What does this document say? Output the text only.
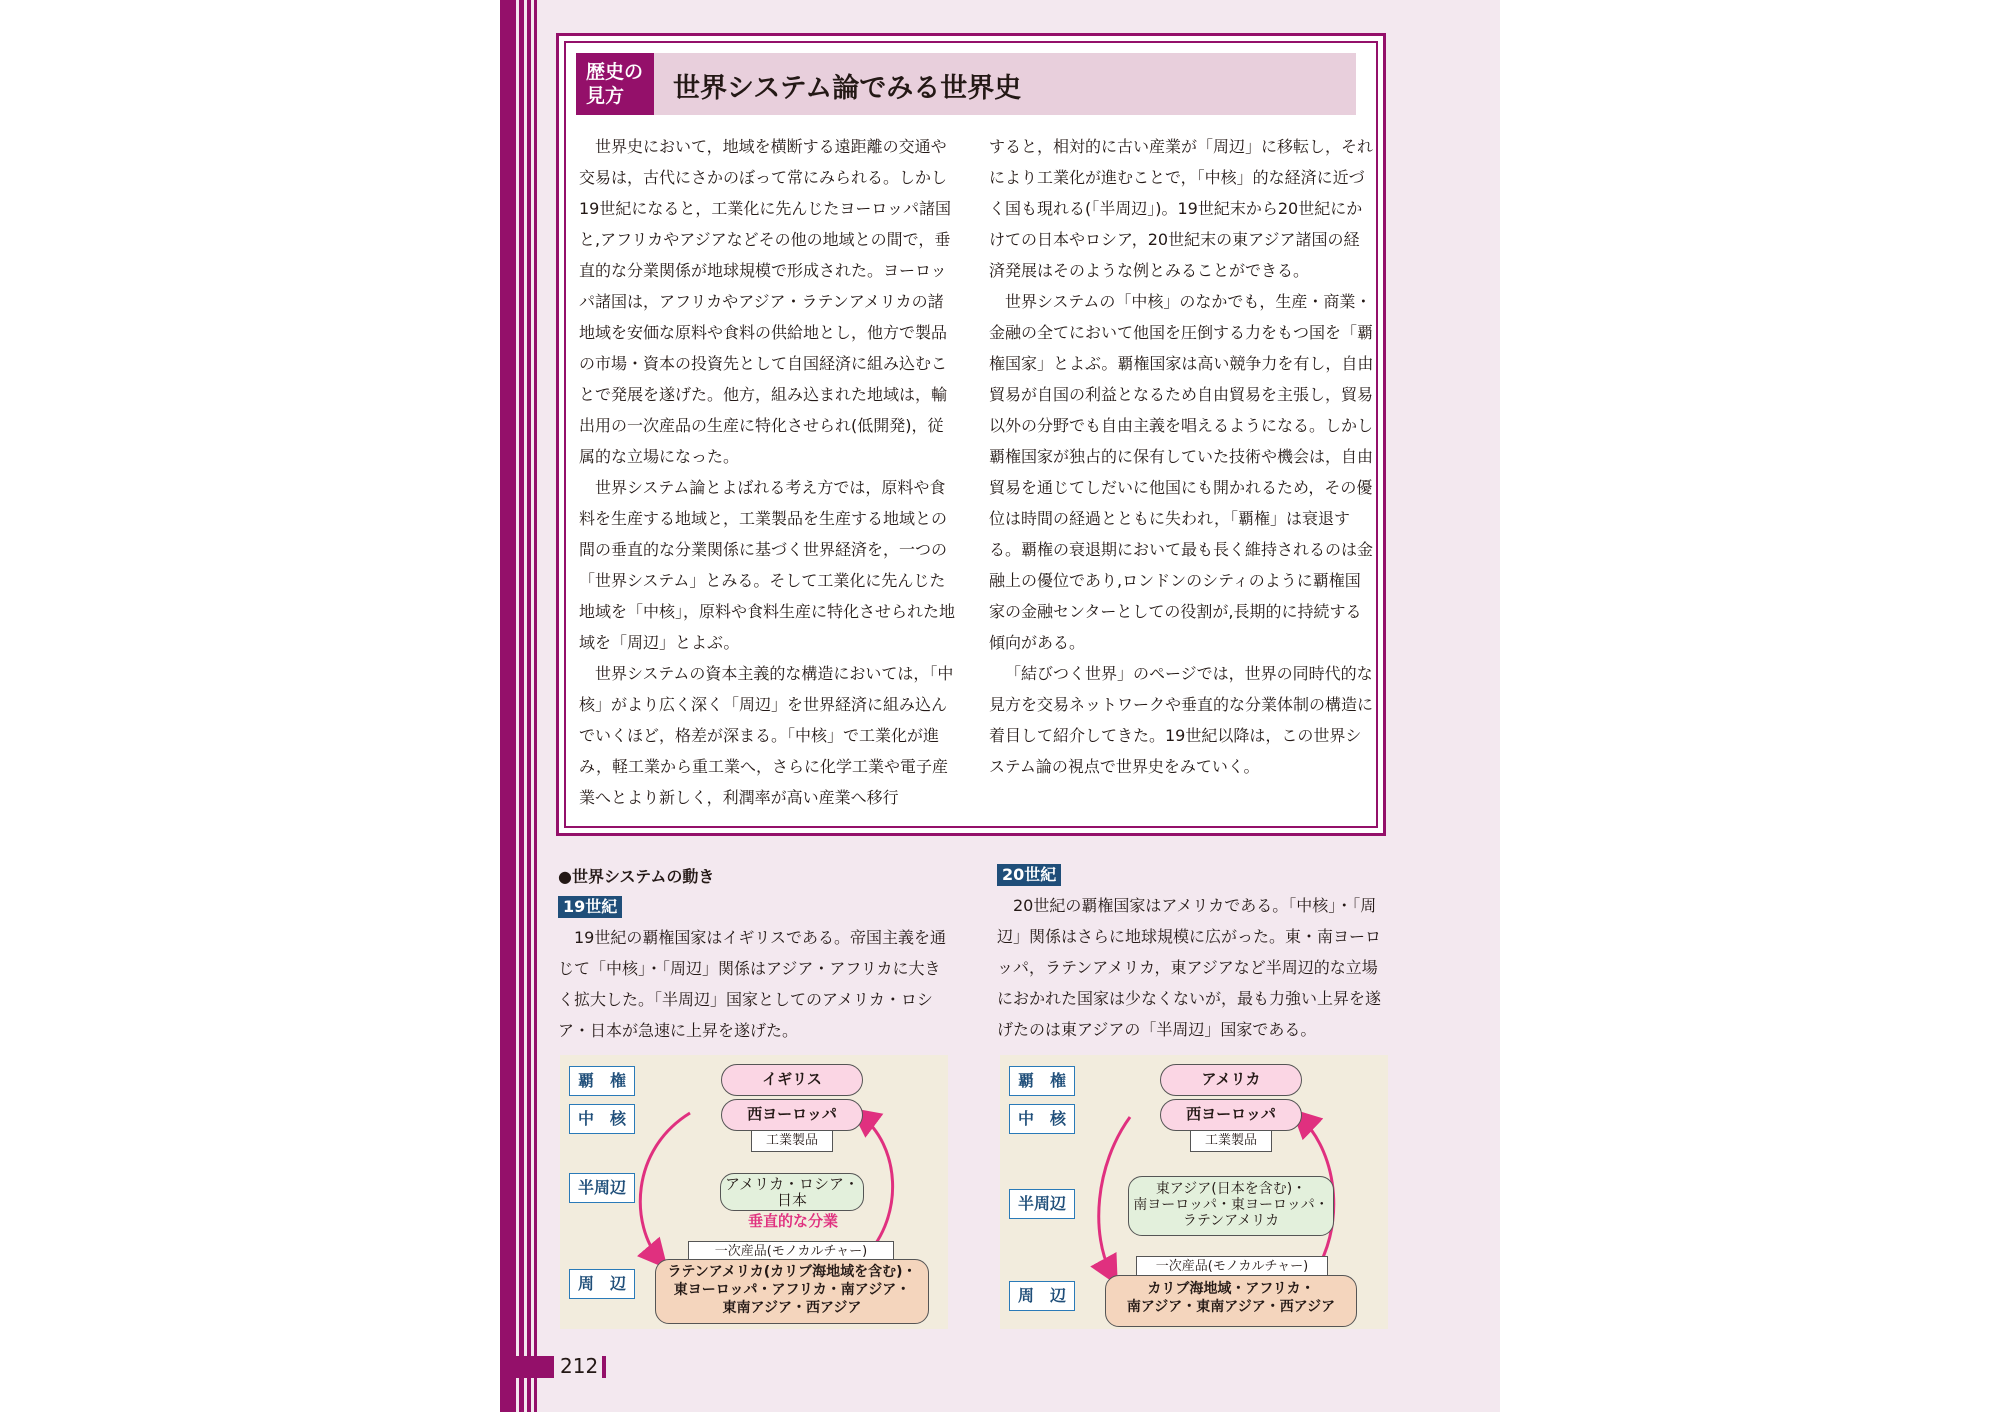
歴史の
見方	世界システム論でみる世界史

世界史において，地域を横断する遠距離の交通や交易は，古代にさかのぼって常にみられる。しかし19世紀になると，工業化に先んじたヨーロッパ諸国と,アフリカやアジアなどその他の地域との間で，垂直的な分業関係が地球規模で形成された。ヨーロッパ諸国は，アフリカやアジア・ラテンアメリカの諸地域を安価な原料や食料の供給地とし，他方で製品の市場・資本の投資先として自国経済に組み込むことで発展を遂げた。他方，組み込まれた地域は，輸出用の一次産品の生産に特化させられ(低開発)，従属的な立場になった。

世界システム論とよばれる考え方では，原料や食料を生産する地域と，工業製品を生産する地域との間の垂直的な分業関係に基づく世界経済を，一つの「世界システム」とみる。そして工業化に先んじた地域を「中核」，原料や食料生産に特化させられた地域を「周辺」とよぶ。

世界システムの資本主義的な構造においては，「中核」がより広く深く「周辺」を世界経済に組み込んでいくほど，格差が深まる。「中核」で工業化が進み，軽工業から重工業へ，さらに化学工業や電子産業へとより新しく，利潤率が高い産業へ移行

すると，相対的に古い産業が「周辺」に移転し，それにより工業化が進むことで，「中核」的な経済に近づく国も現れる(「半周辺」)。19世紀末から20世紀にかけての日本やロシア，20世紀末の東アジア諸国の経済発展はそのような例とみることができる。

世界システムの「中核」のなかでも，生産・商業・金融の全てにおいて他国を圧倒する力をもつ国を「覇権国家」とよぶ。覇権国家は高い競争力を有し，自由貿易が自国の利益となるため自由貿易を主張し，貿易以外の分野でも自由主義を唱えるようになる。しかし覇権国家が独占的に保有していた技術や機会は，自由貿易を通じてしだいに他国にも開かれるため，その優位は時間の経過とともに失われ，「覇権」は衰退する。覇権の衰退期において最も長く維持されるのは金融上の優位であり,ロンドンのシティのように覇権国家の金融センターとしての役割が,長期的に持続する傾向がある。

「結びつく世界」のページでは，世界の同時代的な見方を交易ネットワークや垂直的な分業体制の構造に着目して紹介してきた。19世紀以降は，この世界システム論の視点で世界史をみていく。

●世界システムの動き
19世紀

19世紀の覇権国家はイギリスである。帝国主義を通じて「中核」・「周辺」関係はアジア・アフリカに大きく拡大した。「半周辺」国家としてのアメリカ・ロシア・日本が急速に上昇を遂げた。

20世紀

20世紀の覇権国家はアメリカである。「中核」・「周辺」関係はさらに地球規模に広がった。東・南ヨーロッパ，ラテンアメリカ，東アジアなど半周辺的な立場におかれた国家は少なくないが，最も力強い上昇を遂げたのは東アジアの「半周辺」国家である。

覇　権
中　核
半周辺
周　辺
イギリス
西ヨーロッパ
工業製品
アメリカ・ロシア・
日本
垂直的な分業
一次産品(モノカルチャー)
ラテンアメリカ(カリブ海地域を含む)・
東ヨーロッパ・アフリカ・南アジア・
東南アジア・西アジア
覇　権
中　核
半周辺
周　辺
アメリカ
西ヨーロッパ
工業製品
東アジア(日本を含む)・
南ヨーロッパ・東ヨーロッパ・
ラテンアメリカ
一次産品(モノカルチャー)
カリブ海地域・アフリカ・
南アジア・東南アジア・西アジア
212
